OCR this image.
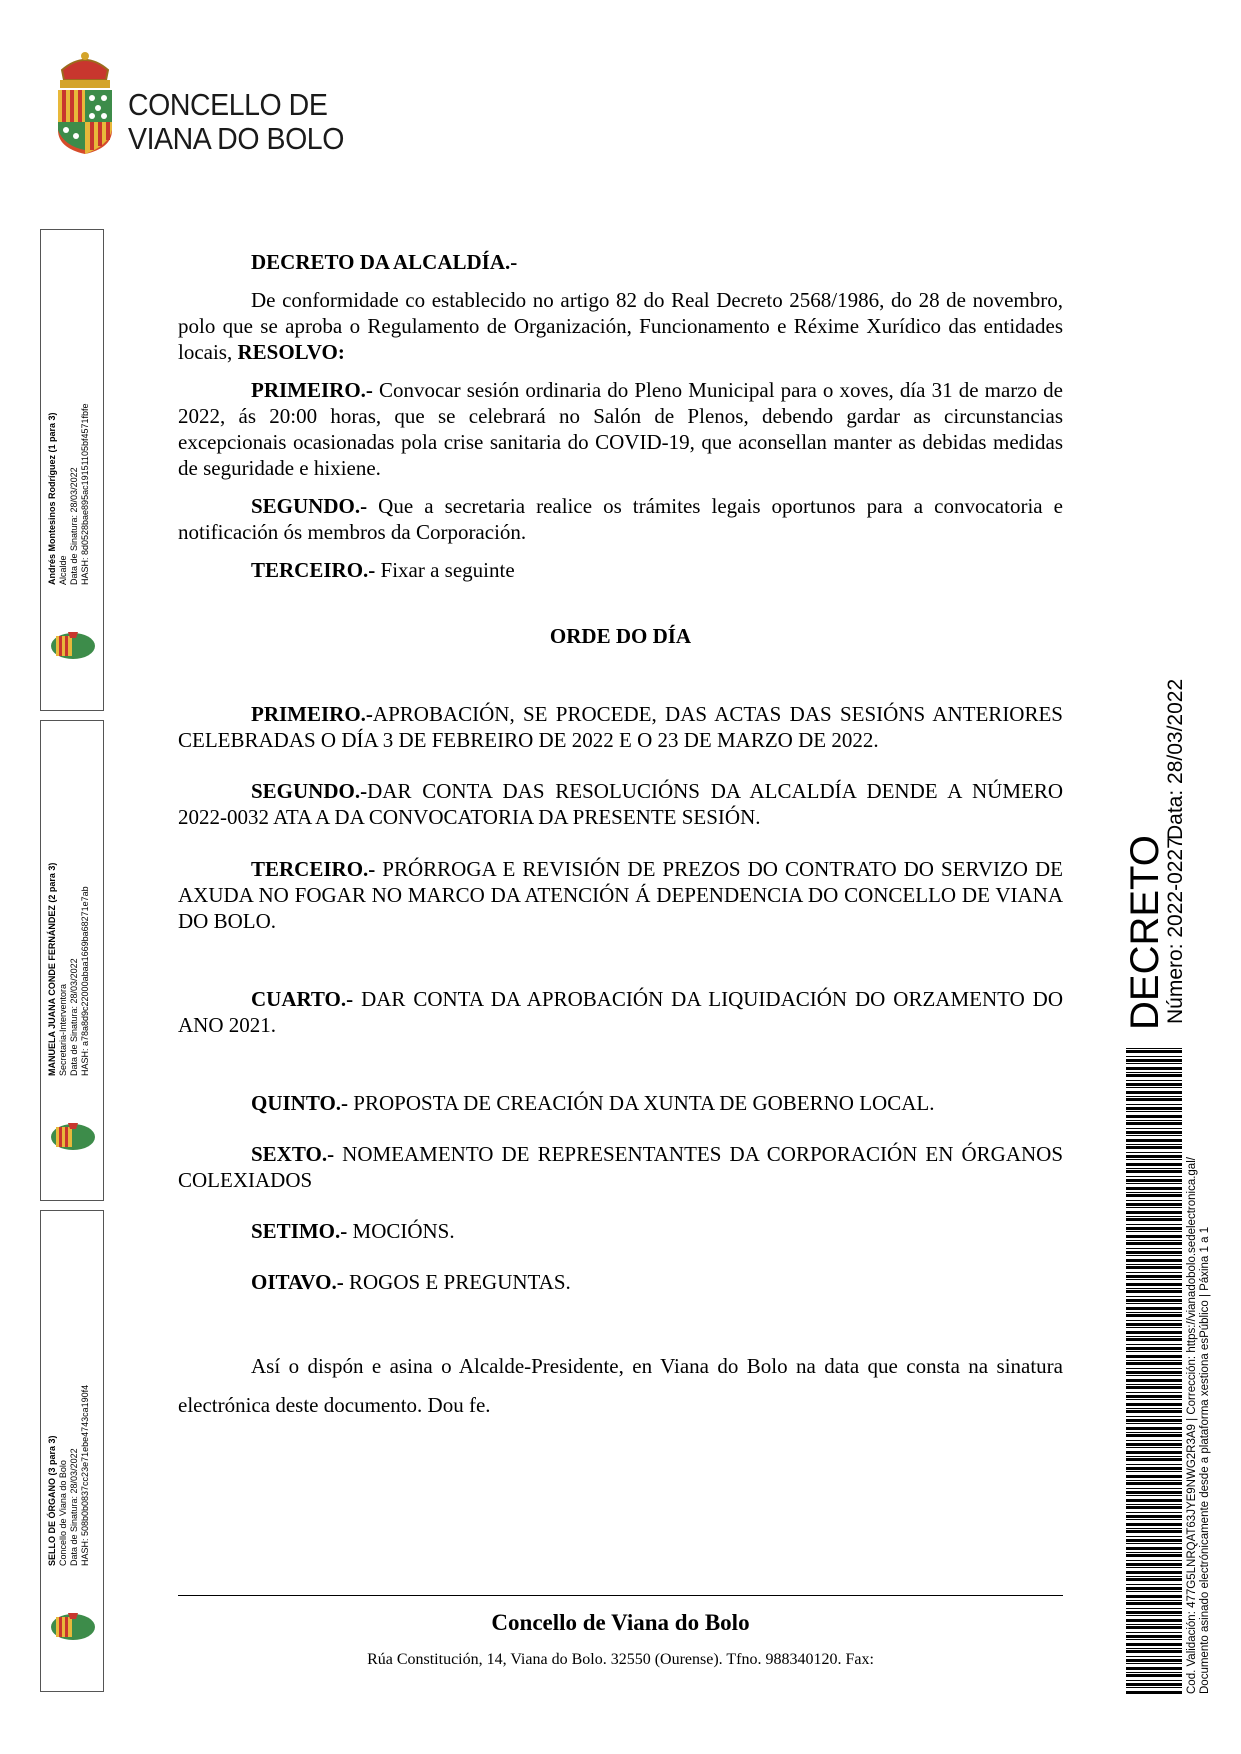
CONCELLO DE
VIANA DO BOLO
Andrés Montesinos Rodríguez (1 para 3) Alcalde Data de Sinatura: 28/03/2022 HASH: 8d0528bae895ac19151105bf4571fbfe
MANUELA JUANA CONDE FERNÁNDEZ (2 para 3) Secretaria-Interventora Data de Sinatura: 28/03/2022 HASH: a78a8d9c22000abaa1669ba68271e7ab
SELLO DE ÓRGANO (3 para 3) Concello de Viana do Bolo Data de Sinatura: 28/03/2022 HASH: 508b0b0837cc23e71ebe4743ca190f4

DECRETO DA ALCALDÍA.-

De conformidade co establecido no artigo 82 do Real Decreto 2568/1986, do 28 de novembro, polo que se aproba o Regulamento de Organización, Funcionamento e Réxime Xurídico das entidades locais, RESOLVO:

PRIMEIRO.- Convocar sesión ordinaria do Pleno Municipal para o xoves, día 31 de marzo de 2022, ás 20:00 horas, que se celebrará no Salón de Plenos, debendo gardar as circunstancias excepcionais ocasionadas pola crise sanitaria do COVID-19, que aconsellan manter as debidas medidas de seguridade e hixiene.

SEGUNDO.- Que a secretaria realice os trámites legais oportunos para a convocatoria e notificación ós membros da Corporación.

TERCEIRO.- Fixar a seguinte

ORDE DO DÍA

PRIMEIRO.-APROBACIÓN, SE PROCEDE, DAS ACTAS DAS SESIÓNS ANTERIORES CELEBRADAS O DÍA 3 DE FEBREIRO DE 2022 E O 23 DE MARZO DE 2022.

SEGUNDO.-DAR CONTA DAS RESOLUCIÓNS DA ALCALDÍA DENDE A NÚMERO 2022-0032 ATA A DA CONVOCATORIA DA PRESENTE SESIÓN.

TERCEIRO.- PRÓRROGA E REVISIÓN DE PREZOS DO CONTRATO DO SERVIZO DE AXUDA NO FOGAR NO MARCO DA ATENCIÓN Á DEPENDENCIA DO CONCELLO DE VIANA DO BOLO.

CUARTO.- DAR CONTA DA APROBACIÓN DA LIQUIDACIÓN DO ORZAMENTO DO ANO 2021.

QUINTO.- PROPOSTA DE CREACIÓN DA XUNTA DE GOBERNO LOCAL.

SEXTO.- NOMEAMENTO DE REPRESENTANTES DA CORPORACIÓN EN ÓRGANOS COLEXIADOS

SETIMO.- MOCIÓNS.

OITAVO.- ROGOS E PREGUNTAS.

Así o dispón e asina o Alcalde-Presidente, en Viana do Bolo na data que consta na sinatura electrónica deste documento. Dou fe.

DECRETO
Número: 2022-0227
Data: 28/03/2022
Cod. Validación: 477G5LNRQAT63JYE9NWG2R3A9 | Corrección: https://vianadobolo.sedelectronica.gal/ Documento asinado electrónicamente desde a plataforma xestiona esPúblico | Páxina 1 a 1
Concello de Viana do Bolo
Rúa Constitución, 14, Viana do Bolo. 32550 (Ourense). Tfno. 988340120. Fax:
